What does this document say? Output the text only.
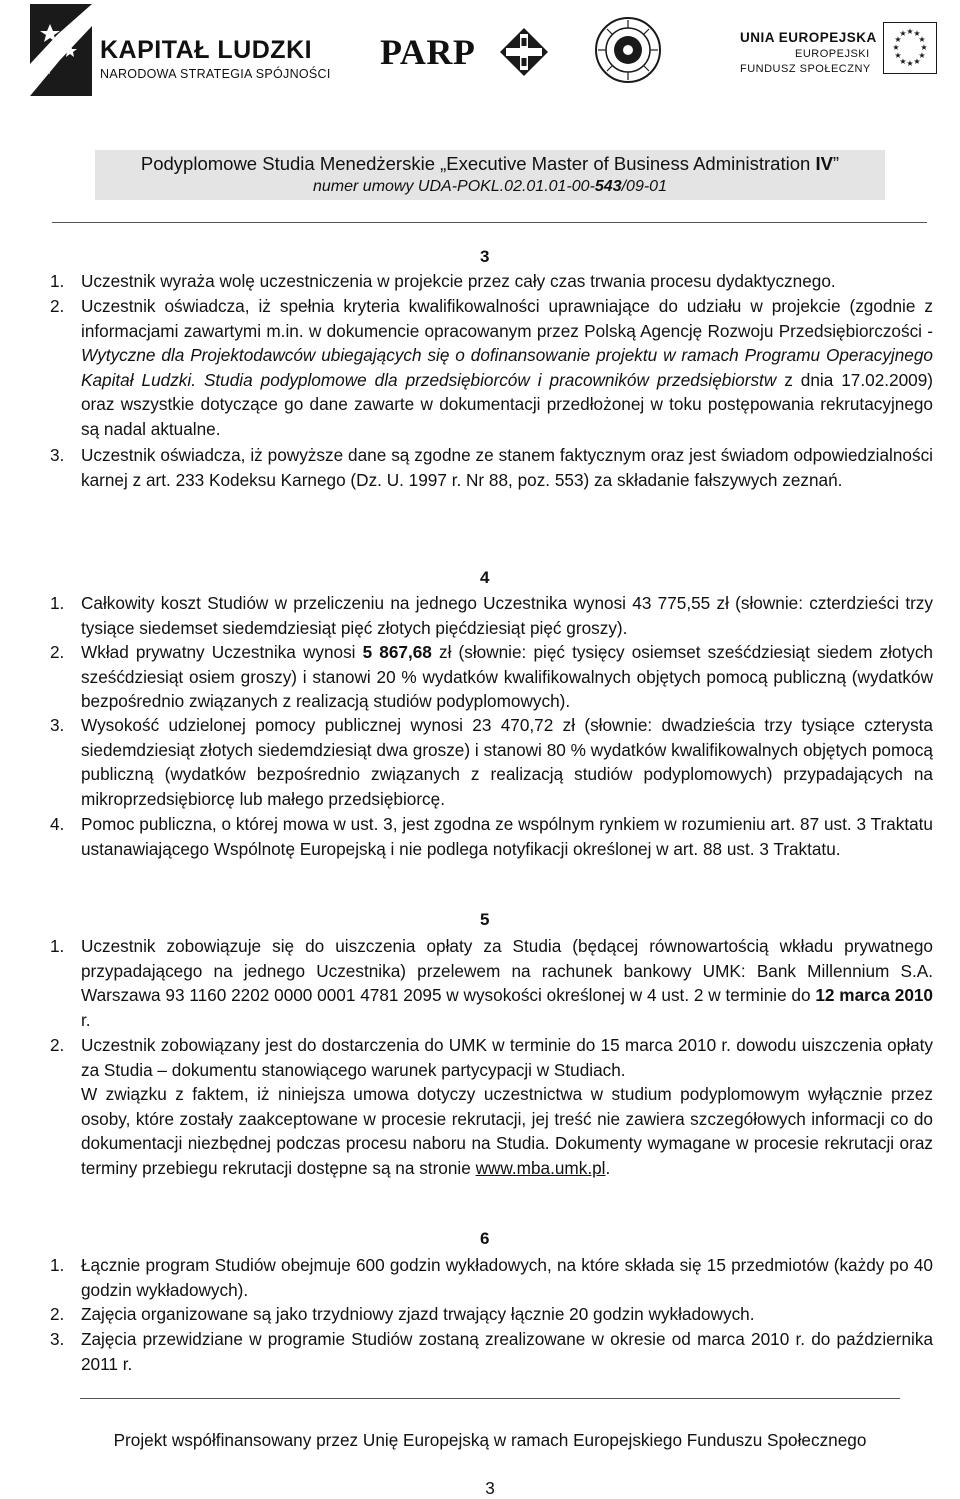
KAPITAŁ LUDZKI
NARODOWA STRATEGIA SPÓJNOŚCI
PARP	UNIA EUROPEJSKA
EUROPEJSKI
FUNDUSZ SPOŁECZNY
★ ★
★
★
★
★
★
★
★
★
★
★
Podyplomowe Studia Menedżerskie „Executive Master of Business Administration IV”
numer umowy UDA-POKL.02.01.01-00-543/09-01
3
1. Uczestnik wyraża wolę uczestniczenia w projekcie przez cały czas trwania procesu dydaktycznego.
2. Uczestnik oświadcza, iż spełnia kryteria kwalifikowalności uprawniające do udziału w projekcie (zgodnie z informacjami zawartymi m.in. w dokumencie opracowanym przez Polską Agencję Rozwoju Przedsiębiorczości - Wytyczne dla Projektodawców ubiegających się o dofinansowanie projektu w ramach Programu Operacyjnego Kapitał Ludzki. Studia podyplomowe dla przedsiębiorców i pracowników przedsiębiorstw z dnia 17.02.2009) oraz wszystkie dotyczące go dane zawarte w dokumentacji przedłożonej w toku postępowania rekrutacyjnego są nadal aktualne.
3. Uczestnik oświadcza, iż powyższe dane są zgodne ze stanem faktycznym oraz jest świadom odpowiedzialności karnej z art. 233 Kodeksu Karnego (Dz. U. 1997 r. Nr 88, poz. 553) za składanie fałszywych zeznań.
4
1. Całkowity koszt Studiów w przeliczeniu na jednego Uczestnika wynosi 43 775,55 zł (słownie: czterdzieści trzy tysiące siedemset siedemdziesiąt pięć złotych pięćdziesiąt pięć groszy).
2. Wkład prywatny Uczestnika wynosi 5 867,68 zł (słownie: pięć tysięcy osiemset sześćdziesiąt siedem złotych sześćdziesiąt osiem groszy) i stanowi 20 % wydatków kwalifikowalnych objętych pomocą publiczną (wydatków bezpośrednio związanych z realizacją studiów podyplomowych).
3. Wysokość udzielonej pomocy publicznej wynosi 23 470,72 zł (słownie: dwadzieścia trzy tysiące czterysta siedemdziesiąt złotych siedemdziesiąt dwa grosze) i stanowi 80 % wydatków kwalifikowalnych objętych pomocą publiczną (wydatków bezpośrednio związanych z realizacją studiów podyplomowych) przypadających na mikroprzedsiębiorcę lub małego przedsiębiorcę.
4. Pomoc publiczna, o której mowa w ust. 3, jest zgodna ze wspólnym rynkiem w rozumieniu art. 87 ust. 3 Traktatu ustanawiającego Wspólnotę Europejską i nie podlega notyfikacji określonej w art. 88 ust. 3 Traktatu.
5
1. Uczestnik zobowiązuje się do uiszczenia opłaty za Studia (będącej równowartością wkładu prywatnego przypadającego na jednego Uczestnika) przelewem na rachunek bankowy UMK: Bank Millennium S.A. Warszawa 93 1160 2202 0000 0001 4781 2095 w wysokości określonej w 4 ust. 2 w terminie do 12 marca 2010 r.
2. Uczestnik zobowiązany jest do dostarczenia do UMK w terminie do 15 marca 2010 r. dowodu uiszczenia opłaty za Studia – dokumentu stanowiącego warunek partycypacji w Studiach.
W związku z faktem, iż niniejsza umowa dotyczy uczestnictwa w studium podyplomowym wyłącznie przez osoby, które zostały zaakceptowane w procesie rekrutacji, jej treść nie zawiera szczegółowych informacji co do dokumentacji niezbędnej podczas procesu naboru na Studia. Dokumenty wymagane w procesie rekrutacji oraz terminy przebiegu rekrutacji dostępne są na stronie www.mba.umk.pl.
6
1. Łącznie program Studiów obejmuje 600 godzin wykładowych, na które składa się 15 przedmiotów (każdy po 40 godzin wykładowych).
2. Zajęcia organizowane są jako trzydniowy zjazd trwający łącznie 20 godzin wykładowych.
3. Zajęcia przewidziane w programie Studiów zostaną zrealizowane w okresie od marca 2010 r. do października 2011 r.
Projekt współfinansowany przez Unię Europejską w ramach Europejskiego Funduszu Społecznego
3
